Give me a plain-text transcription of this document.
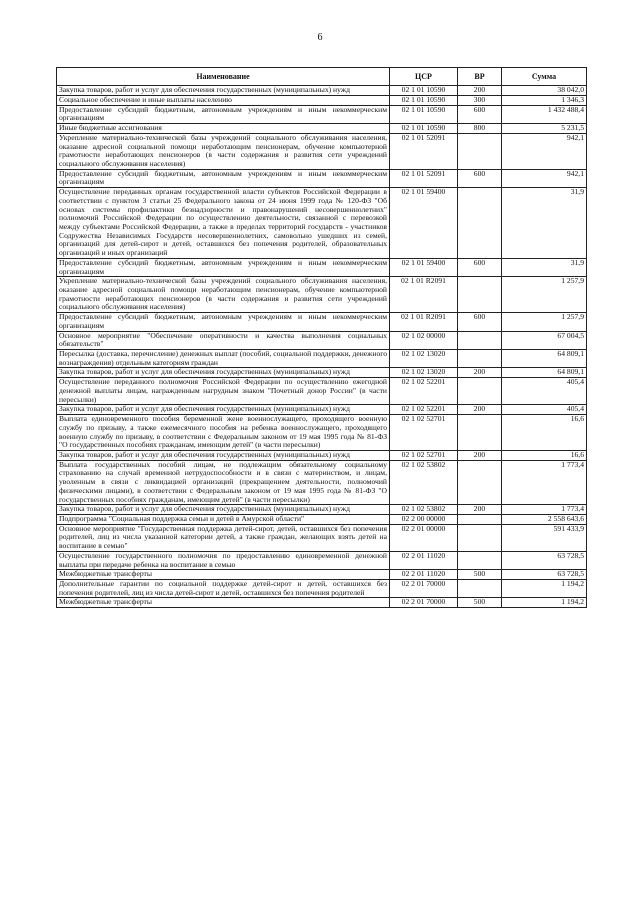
6
Наименование	ЦСР	ВР	Сумма
Закупка товаров, работ и услуг для обеспечения государственных (муниципальных) нужд	02 1 01 10590	200	38 042,0
Социальное обеспечение и иные выплаты населению	02 1 01 10590	300	1 346,3
Предоставление субсидий бюджетным, автономным учреждениям и иным некоммерческим организациям	02 1 01 10590	600	1 432 488,4
Иные бюджетные ассигнования	02 1 01 10590	800	5 231,5
Укрепление материально-технической базы учреждений социального обслуживания населения, оказание адресной социальной помощи неработающим пенсионерам, обучение компьютерной грамотности неработающих пенсионеров (в части содержания и развития сети учреждений социального обслуживания населения)	02 1 01 52091		942,1
Предоставление субсидий бюджетным, автономным учреждениям и иным некоммерческим организациям	02 1 01 52091	600	942,1
Осуществление переданных органам государственной власти субъектов Российской Федерации в соответствии с пунктом 3 статьи 25 Федерального закона от 24 июня 1999 года № 120-ФЗ "Об основах системы профилактики безнадзорности и правонарушений несовершеннолетних" полномочий Российской Федерации по осуществлению деятельности, связанной с перевозкой между субъектами Российской Федерации, а также в пределах территорий государств - участников Содружества Независимых Государств несовершеннолетних, самовольно ушедших из семей, организаций для детей-сирот и детей, оставшихся без попечения родителей, образовательных организаций и иных организаций	02 1 01 59400		31,9
Предоставление субсидий бюджетным, автономным учреждениям и иным некоммерческим организациям	02 1 01 59400	600	31,9
Укрепление материально-технической базы учреждений социального обслуживания населения, оказание адресной социальной помощи неработающим пенсионерам, обучение компьютерной грамотности неработающих пенсионеров (в части содержания и развития сети учреждений социального обслуживания населения)	02 1 01 R2091		1 257,9
Предоставление субсидий бюджетным, автономным учреждениям и иным некоммерческим организациям	02 1 01 R2091	600	1 257,9
Основное мероприятие "Обеспечение оперативности и качества выполнения социальных обязательств"	02 1 02 00000		67 004,5
Пересылка (доставка, перечисление) денежных выплат (пособий, социальной поддержки, денежного вознаграждения) отдельным категориям граждан	02 1 02 13020		64 809,1
Закупка товаров, работ и услуг для обеспечения государственных (муниципальных) нужд	02 1 02 13020	200	64 809,1
Осуществление переданного полномочия Российской Федерации по осуществлению ежегодной денежной выплаты лицам, награжденным нагрудным знаком "Почетный донор России" (в части пересылки)	02 1 02 52201		405,4
Закупка товаров, работ и услуг для обеспечения государственных (муниципальных) нужд	02 1 02 52201	200	405,4
Выплата единовременного пособия беременной жене военнослужащего, проходящего военную службу по призыву, а также ежемесячного пособия на ребенка военнослужащего, проходящего военную службу по призыву, в соответствии с Федеральным законом от 19 мая 1995 года № 81-ФЗ "О государственных пособиях гражданам, имеющим детей" (в части пересылки)	02 1 02 52701		16,6
Закупка товаров, работ и услуг для обеспечения государственных (муниципальных) нужд	02 1 02 52701	200	16,6
Выплата государственных пособий лицам, не подлежащим обязательному социальному страхованию на случай временной нетрудоспособности и в связи с материнством, и лицам, уволенным в связи с ликвидацией организаций (прекращением деятельности, полномочий физическими лицами), в соответствии с Федеральным законом от 19 мая 1995 года № 81-ФЗ "О государственных пособиях гражданам, имеющим детей" (в части пересылки)	02 1 02 53802		1 773,4
Закупка товаров, работ и услуг для обеспечения государственных (муниципальных) нужд	02 1 02 53802	200	1 773,4
Подпрограмма "Социальная поддержка семьи и детей в Амурской области"	02 2 00 00000		2 558 643,6
Основное мероприятие "Государственная поддержка детей-сирот, детей, оставшихся без попечения родителей, лиц из числа указанной категории детей, а также граждан, желающих взять детей на воспитание в семью"	02 2 01 00000		591 433,9
Осуществление государственного полномочия по предоставлению единовременной денежной выплаты при передаче ребенка на воспитание в семью	02 2 01 11020		63 728,5
Межбюджетные трансферты	02 2 01 11020	500	63 728,5
Дополнительные гарантии по социальной поддержке детей-сирот и детей, оставшихся без попечения родителей, лиц из числа детей-сирот и детей, оставшихся без попечения родителей	02 2 01 70000		1 194,2
Межбюджетные трансферты	02 2 01 70000	500	1 194,2
